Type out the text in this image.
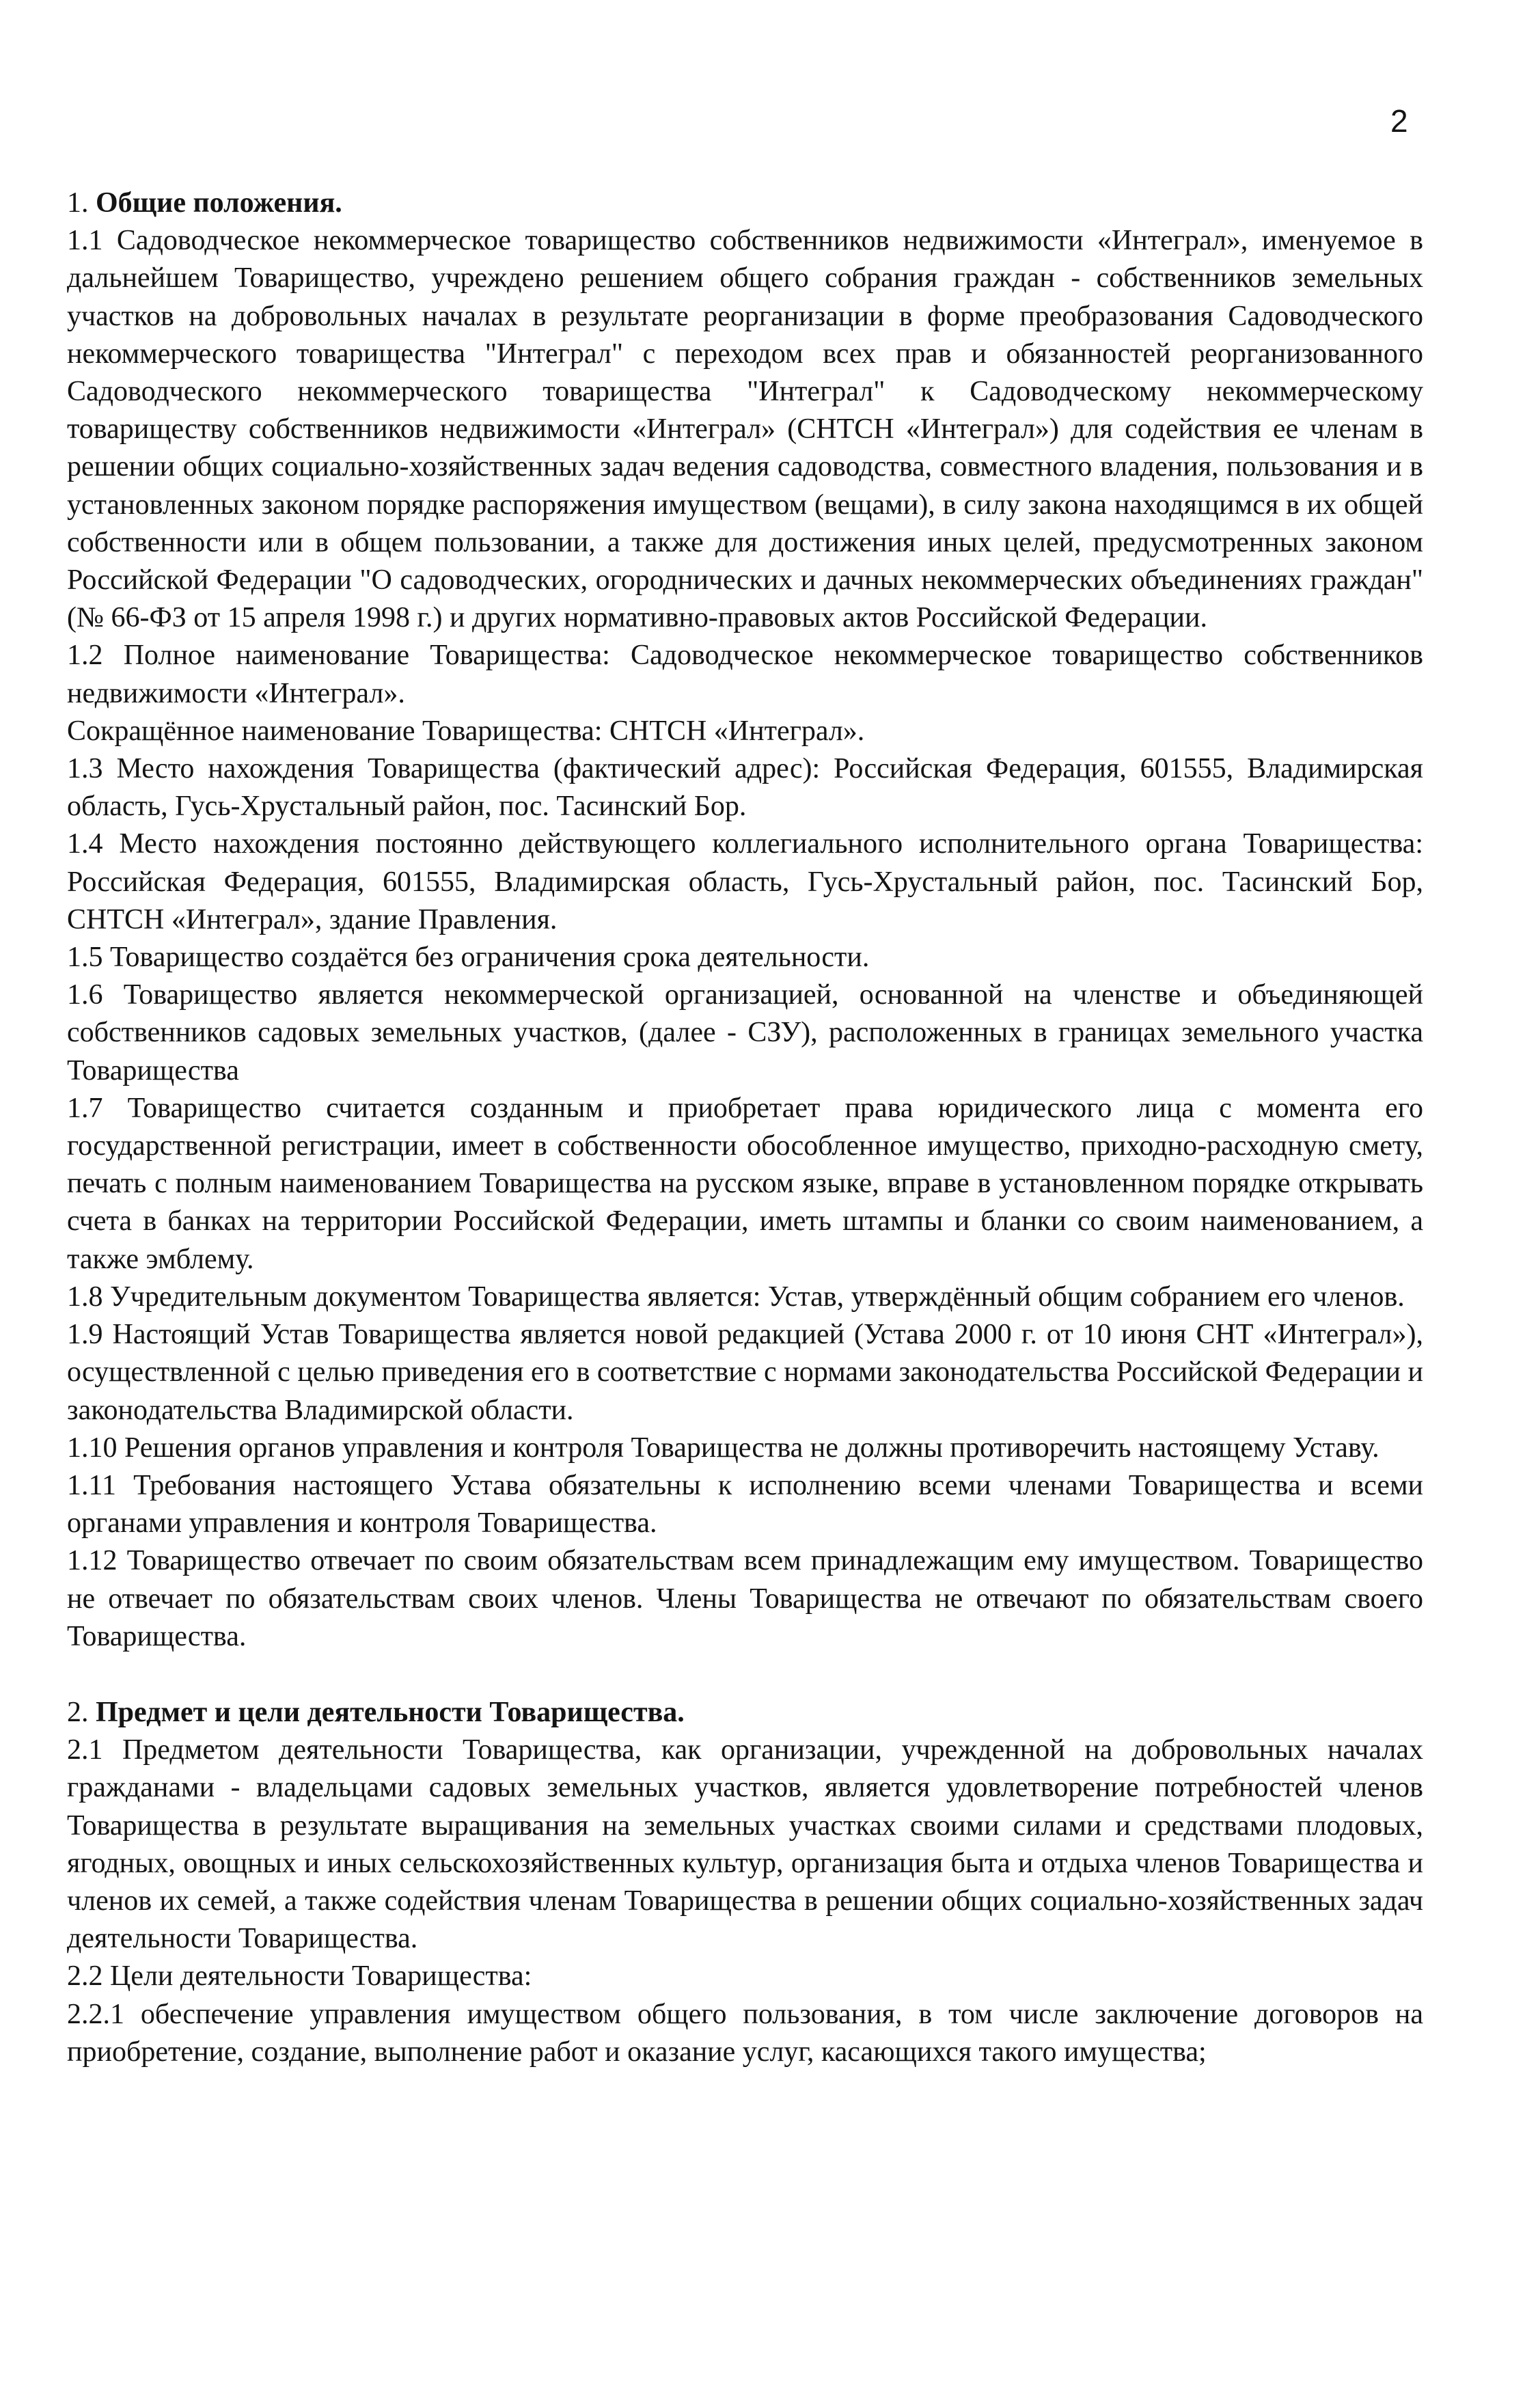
2

1. Общие положения.

1.1 Садоводческое некоммерческое товарищество собственников недвижимости «Интеграл», именуемое в дальнейшем Товарищество, учреждено решением общего собрания граждан - собственников земельных участков на добровольных началах в результате реорганизации в форме преобразования Садоводческого некоммерческого товарищества "Интеграл" с переходом всех прав и обязанностей реорганизованного Садоводческого некоммерческого товарищества "Интеграл" к Садоводческому некоммерческому товариществу собственников недвижимости «Интеграл» (СНТСН «Интеграл») для содействия ее членам в решении общих социально-хозяйственных задач ведения садоводства, совместного владения, пользования и в установленных законом порядке распоряжения имуществом (вещами), в силу закона находящимся в их общей собственности или в общем пользовании, а также для достижения иных целей, предусмотренных законом Российской Федерации "О садоводческих, огороднических и дачных некоммерческих объединениях граждан" (№ 66-ФЗ от 15 апреля 1998 г.) и других нормативно-правовых актов Российской Федерации.

1.2 Полное наименование Товарищества: Садоводческое некоммерческое товарищество собственников недвижимости «Интеграл».

Сокращённое наименование Товарищества: СНТСН «Интеграл».

1.3 Место нахождения Товарищества (фактический адрес): Российская Федерация, 601555, Владимирская область, Гусь-Хрустальный район, пос. Тасинский Бор.

1.4 Место нахождения постоянно действующего коллегиального исполнительного органа Товарищества: Российская Федерация, 601555, Владимирская область, Гусь-Хрустальный район, пос. Тасинский Бор, СНТСН «Интеграл», здание Правления.

1.5 Товарищество создаётся без ограничения срока деятельности.

1.6 Товарищество является некоммерческой организацией, основанной на членстве и объединяющей собственников садовых земельных участков, (далее - СЗУ), расположенных в границах земельного участка Товарищества

1.7 Товарищество считается созданным и приобретает права юридического лица с момента его государственной регистрации, имеет в собственности обособленное имущество, приходно-расходную смету, печать с полным наименованием Товарищества на русском языке, вправе в установленном порядке открывать счета в банках на территории Российской Федерации, иметь штампы и бланки со своим наименованием, а также эмблему.

1.8 Учредительным документом Товарищества является: Устав, утверждённый общим собранием его членов.

1.9 Настоящий Устав Товарищества является новой редакцией (Устава 2000 г. от 10 июня СНТ «Интеграл»), осуществленной с целью приведения его в соответствие с нормами законодательства Российской Федерации и законодательства Владимирской области.

1.10 Решения органов управления и контроля Товарищества не должны противоречить настоящему Уставу.

1.11 Требования настоящего Устава обязательны к исполнению всеми членами Товарищества и всеми органами управления и контроля Товарищества.

1.12 Товарищество отвечает по своим обязательствам всем принадлежащим ему имуществом. Товарищество не отвечает по обязательствам своих членов. Члены Товарищества не отвечают по обязательствам своего Товарищества.

2. Предмет и цели деятельности Товарищества.

2.1 Предметом деятельности Товарищества, как организации, учрежденной на добровольных началах гражданами - владельцами садовых земельных участков, является удовлетворение потребностей членов Товарищества в результате выращивания на земельных участках своими силами и средствами плодовых, ягодных, овощных и иных сельскохозяйственных культур, организация быта и отдыха членов Товарищества и членов их семей, а также содействия членам Товарищества в решении общих социально-хозяйственных задач деятельности Товарищества.

2.2 Цели деятельности Товарищества:

2.2.1 обеспечение управления имуществом общего пользования, в том числе заключение договоров на приобретение, создание, выполнение работ и оказание услуг, касающихся такого имущества;
